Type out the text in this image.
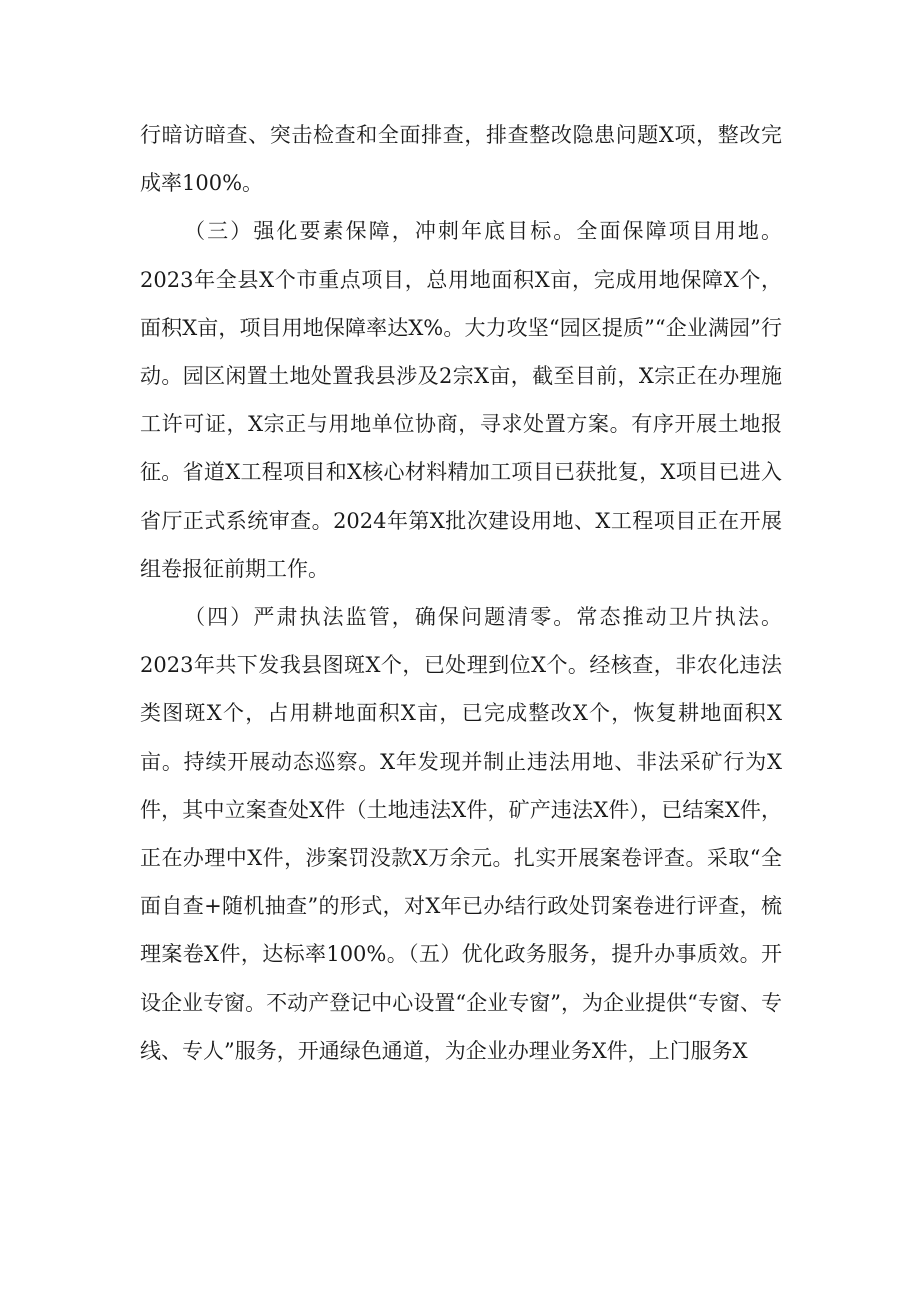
行暗访暗查、突击检查和全面排查，排查整改隐患问题X项，整改完成率100%。

（三）强化要素保障，冲刺年底目标。全面保障项目用地。2023年全县X个市重点项目，总用地面积X亩，完成用地保障X个，面积X亩，项目用地保障率达X%。大力攻坚“园区提质”“企业满园”行动。园区闲置土地处置我县涉及2宗X亩，截至目前，X宗正在办理施工许可证，X宗正与用地单位协商，寻求处置方案。有序开展土地报征。省道X工程项目和X核心材料精加工项目已获批复，X项目已进入省厅正式系统审查。2024年第X批次建设用地、X工程项目正在开展组卷报征前期工作。

（四）严肃执法监管，确保问题清零。常态推动卫片执法。2023年共下发我县图斑X个，已处理到位X个。经核查，非农化违法类图斑X个，占用耕地面积X亩，已完成整改X个，恢复耕地面积X亩。持续开展动态巡察。X年发现并制止违法用地、非法采矿行为X件，其中立案查处X件（土地违法X件，矿产违法X件），已结案X件，正在办理中X件，涉案罚没款X万余元。扎实开展案卷评查。采取“全面自查+随机抽查”的形式，对X年已办结行政处罚案卷进行评查，梳理案卷X件，达标率100%。（五）优化政务服务，提升办事质效。开设企业专窗。不动产登记中心设置“企业专窗”，为企业提供“专窗、专线、专人”服务，开通绿色通道，为企业办理业务X件，上门服务X
